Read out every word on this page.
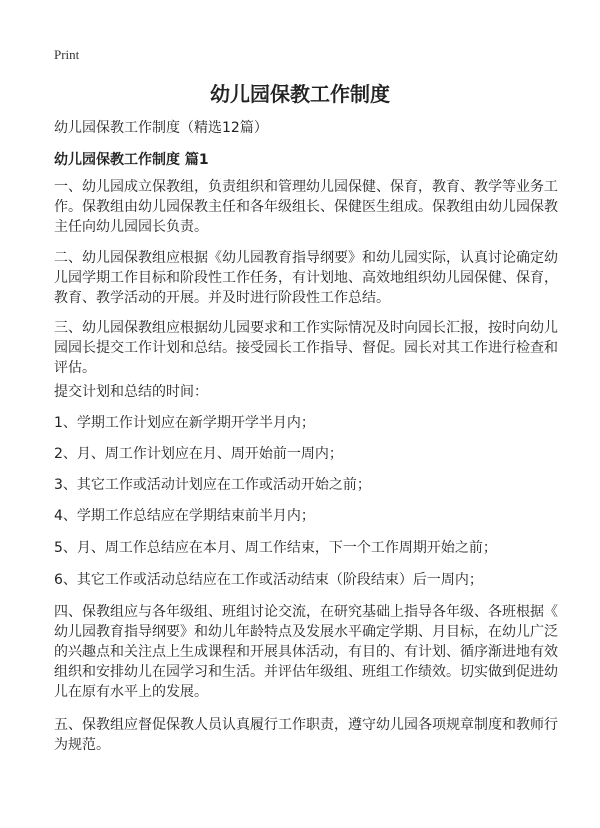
Print
幼儿园保教工作制度
幼儿园保教工作制度（精选12篇）
幼儿园保教工作制度 篇1
一、幼儿园成立保教组，负责组织和管理幼儿园保健、保育，教育、教学等业务工
作。保教组由幼儿园保教主任和各年级组长、保健医生组成。保教组由幼儿园保教
主任向幼儿园园长负责。
二、幼儿园保教组应根据《幼儿园教育指导纲要》和幼儿园实际，认真讨论确定幼
儿园学期工作目标和阶段性工作任务，有计划地、高效地组织幼儿园保健、保育，
教育、教学活动的开展。并及时进行阶段性工作总结。
三、幼儿园保教组应根据幼儿园要求和工作实际情况及时向园长汇报，按时向幼儿
园园长提交工作计划和总结。接受园长工作指导、督促。园长对其工作进行检查和
评估。
提交计划和总结的时间：
1、学期工作计划应在新学期开学半月内；
2、月、周工作计划应在月、周开始前一周内；
3、其它工作或活动计划应在工作或活动开始之前；
4、学期工作总结应在学期结束前半月内；
5、月、周工作总结应在本月、周工作结束，下一个工作周期开始之前；
6、其它工作或活动总结应在工作或活动结束（阶段结束）后一周内；
四、保教组应与各年级组、班组讨论交流，在研究基础上指导各年级、各班根据《
幼儿园教育指导纲要》和幼儿年龄特点及发展水平确定学期、月目标，在幼儿广泛
的兴趣点和关注点上生成课程和开展具体活动，有目的、有计划、循序渐进地有效
组织和安排幼儿在园学习和生活。并评估年级组、班组工作绩效。切实做到促进幼
儿在原有水平上的发展。
五、保教组应督促保教人员认真履行工作职责，遵守幼儿园各项规章制度和教师行
为规范。
